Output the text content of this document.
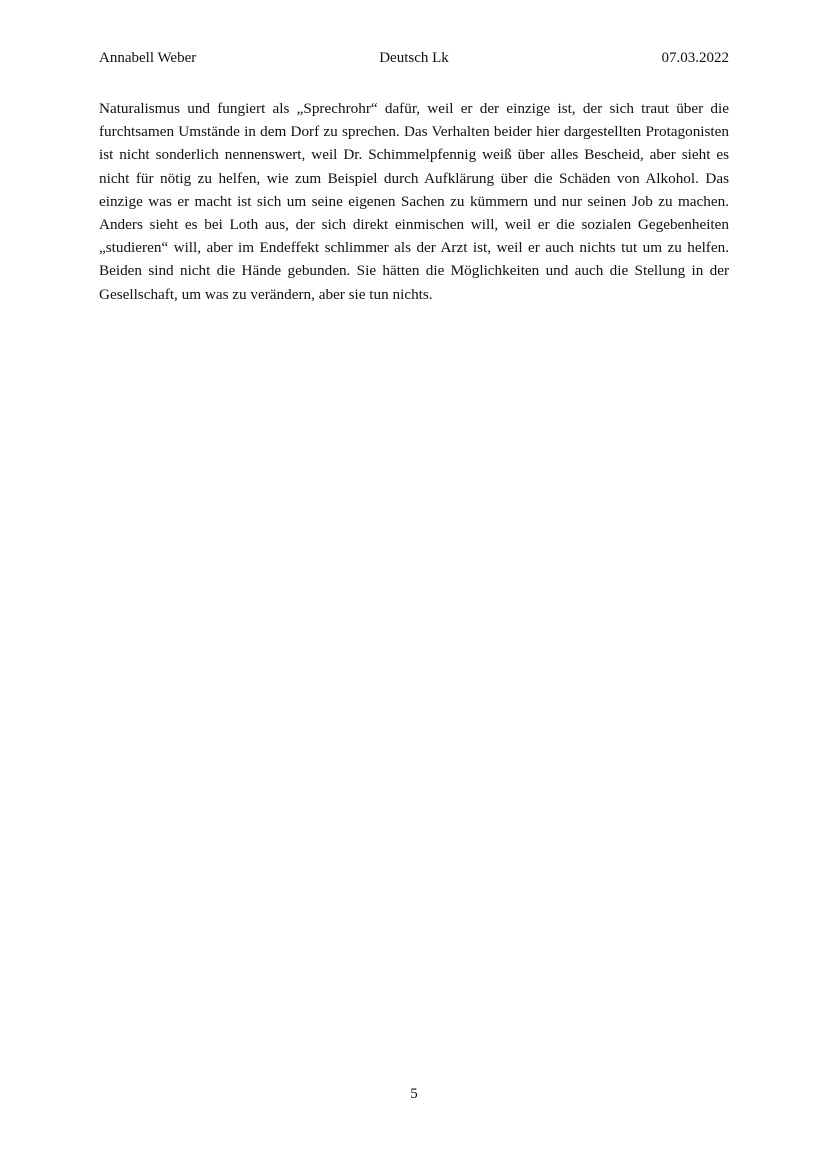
Annabell Weber	Deutsch Lk	07.03.2022

Naturalismus und fungiert als „Sprechrohr“ dafür, weil er der einzige ist, der sich traut über die furchtsamen Umstände in dem Dorf zu sprechen. Das Verhalten beider hier dargestellten Protagonisten ist nicht sonderlich nennenswert, weil Dr. Schimmelpfennig weiß über alles Bescheid, aber sieht es nicht für nötig zu helfen, wie zum Beispiel durch Aufklärung über die Schäden von Alkohol. Das einzige was er macht ist sich um seine eigenen Sachen zu kümmern und nur seinen Job zu machen. Anders sieht es bei Loth aus, der sich direkt einmischen will, weil er die sozialen Gegebenheiten „studieren“ will, aber im Endeffekt schlimmer als der Arzt ist, weil er auch nichts tut um zu helfen. Beiden sind nicht die Hände gebunden. Sie hätten die Möglichkeiten und auch die Stellung in der Gesellschaft, um was zu verändern, aber sie tun nichts.

5
